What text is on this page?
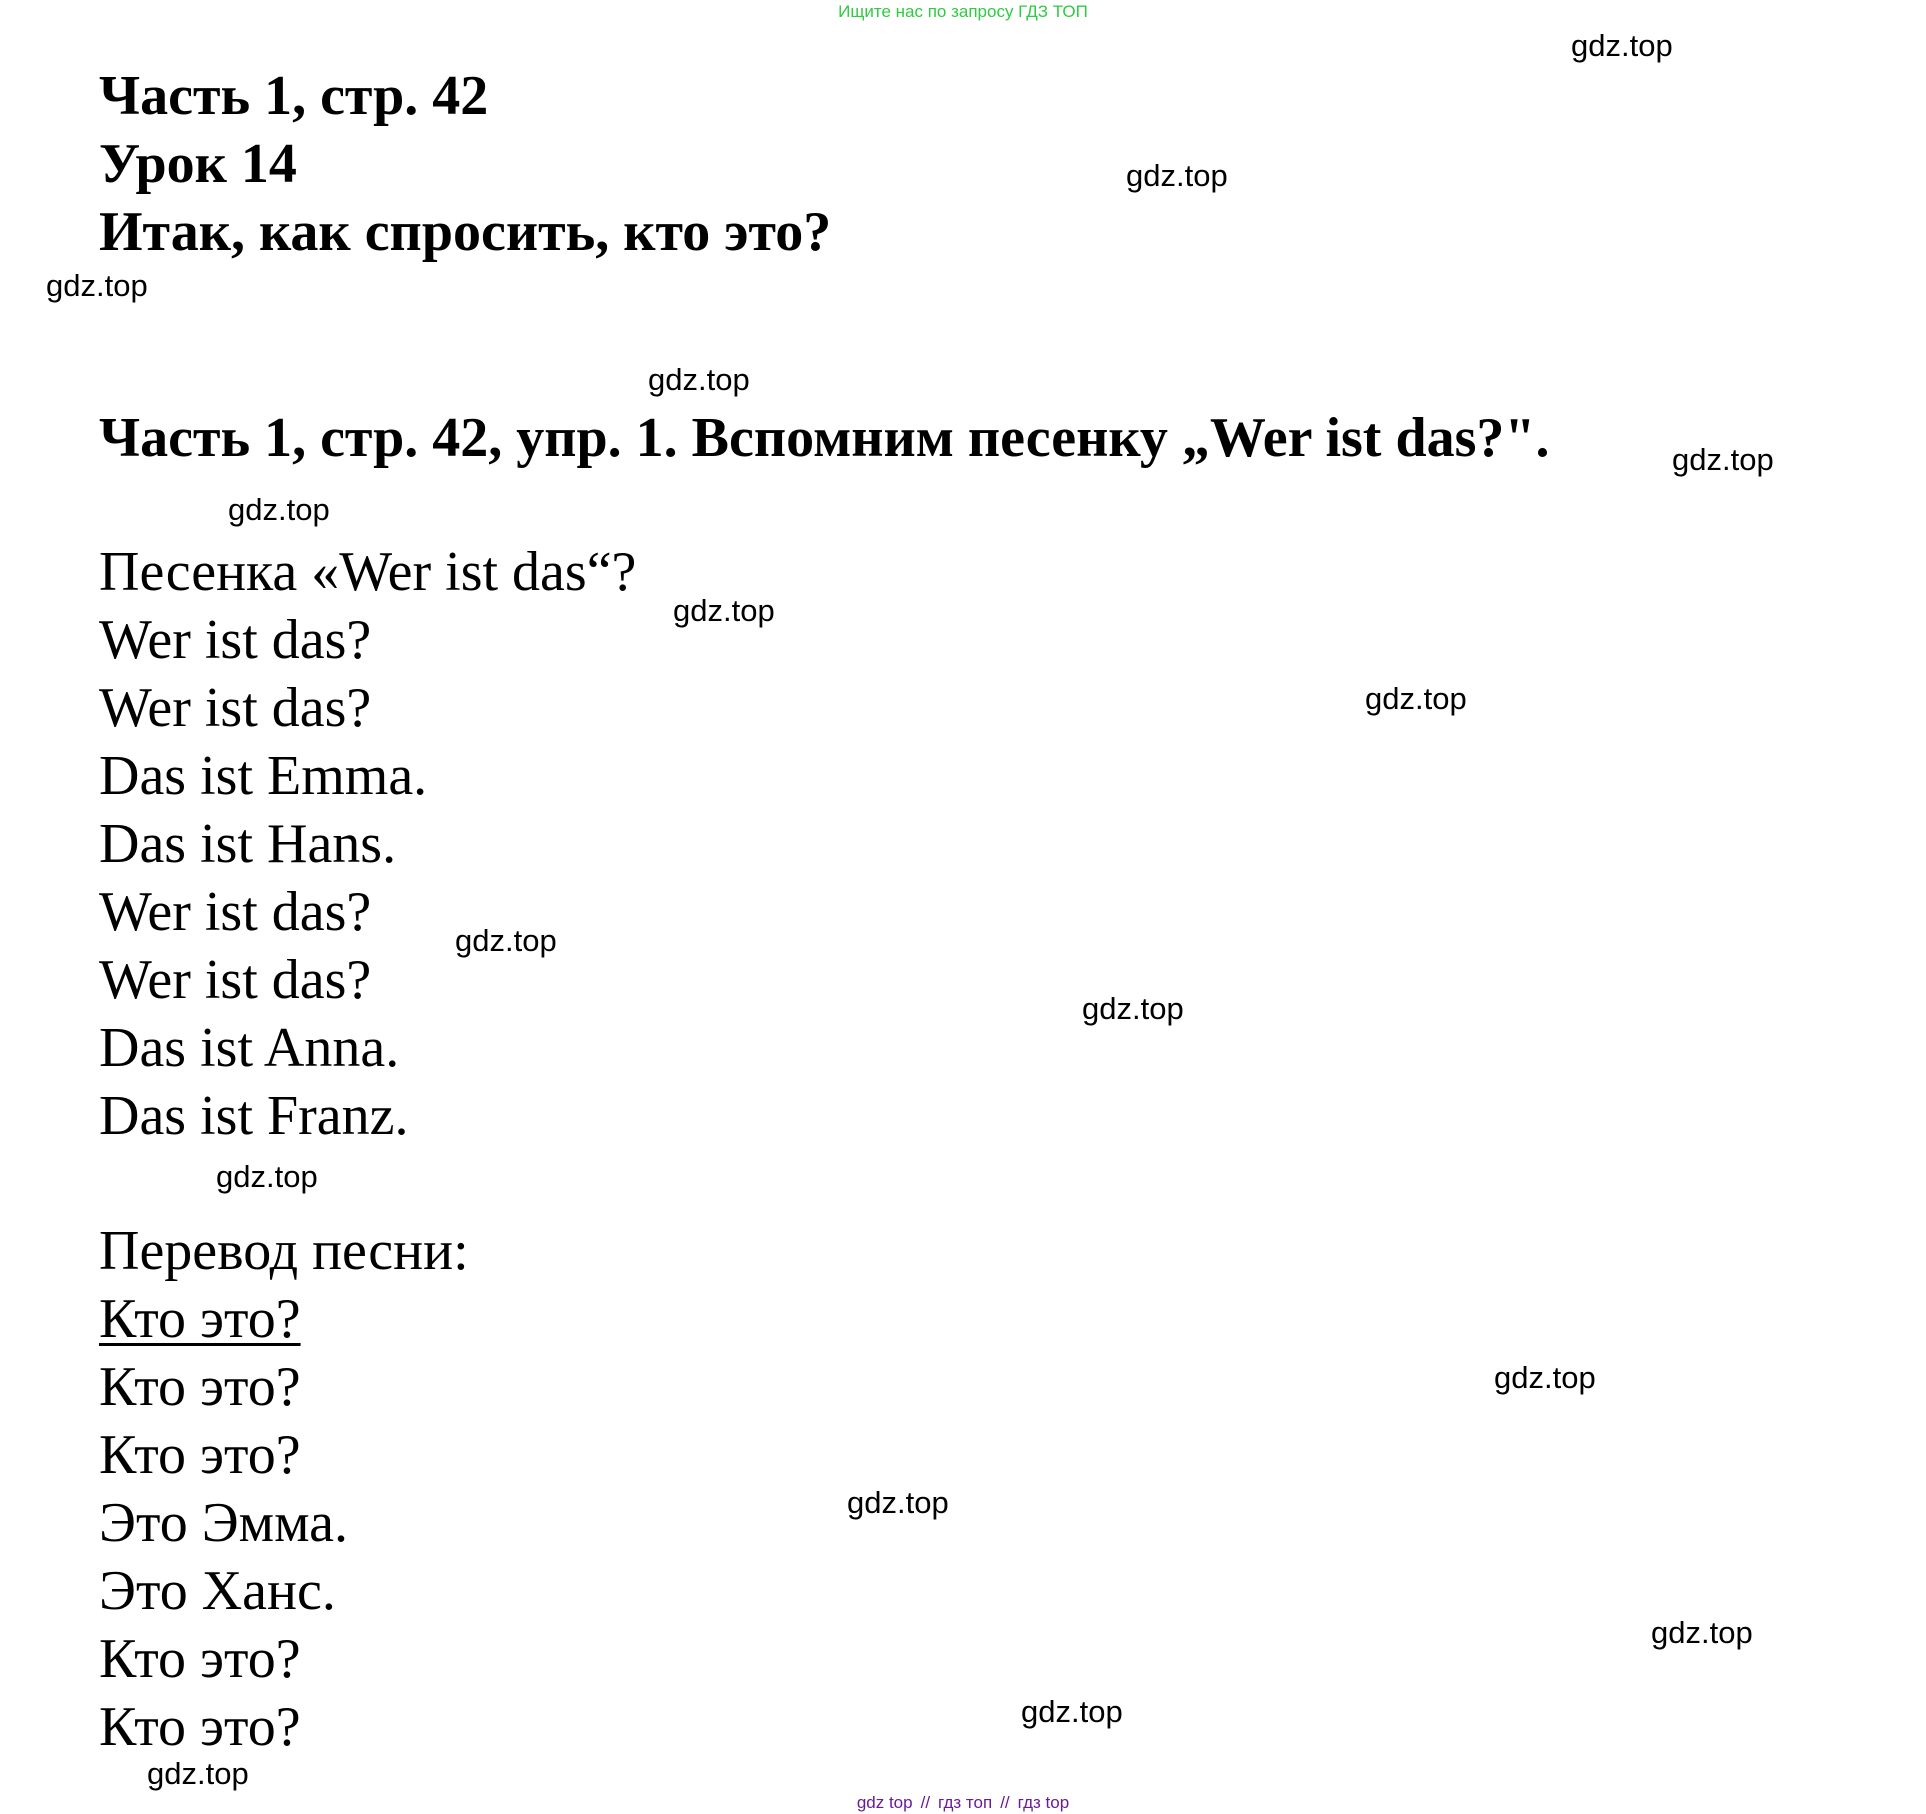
Ищите нас по запросу ГДЗ ТОП
Часть 1, стр. 42
Урок 14
Итак, как спросить, кто это?
Часть 1, стр. 42, упр. 1. Вспомним песенку „Wer ist das?".
Песенка «Wer ist das“?
Wer ist das?
Wer ist das?
Das ist Emma.
Das ist Hans.
Wer ist das?
Wer ist das?
Das ist Anna.
Das ist Franz.
Перевод песни:
Кто это?
Кто это?
Кто это?
Это Эмма.
Это Ханс.
Кто это?
Кто это?
gdz.top
gdz.top
gdz.top
gdz.top
gdz.top
gdz.top
gdz.top
gdz.top
gdz.top
gdz.top
gdz.top
gdz.top
gdz.top
gdz.top
gdz.top
gdz.top
gdz top // гдз топ // гдз top
